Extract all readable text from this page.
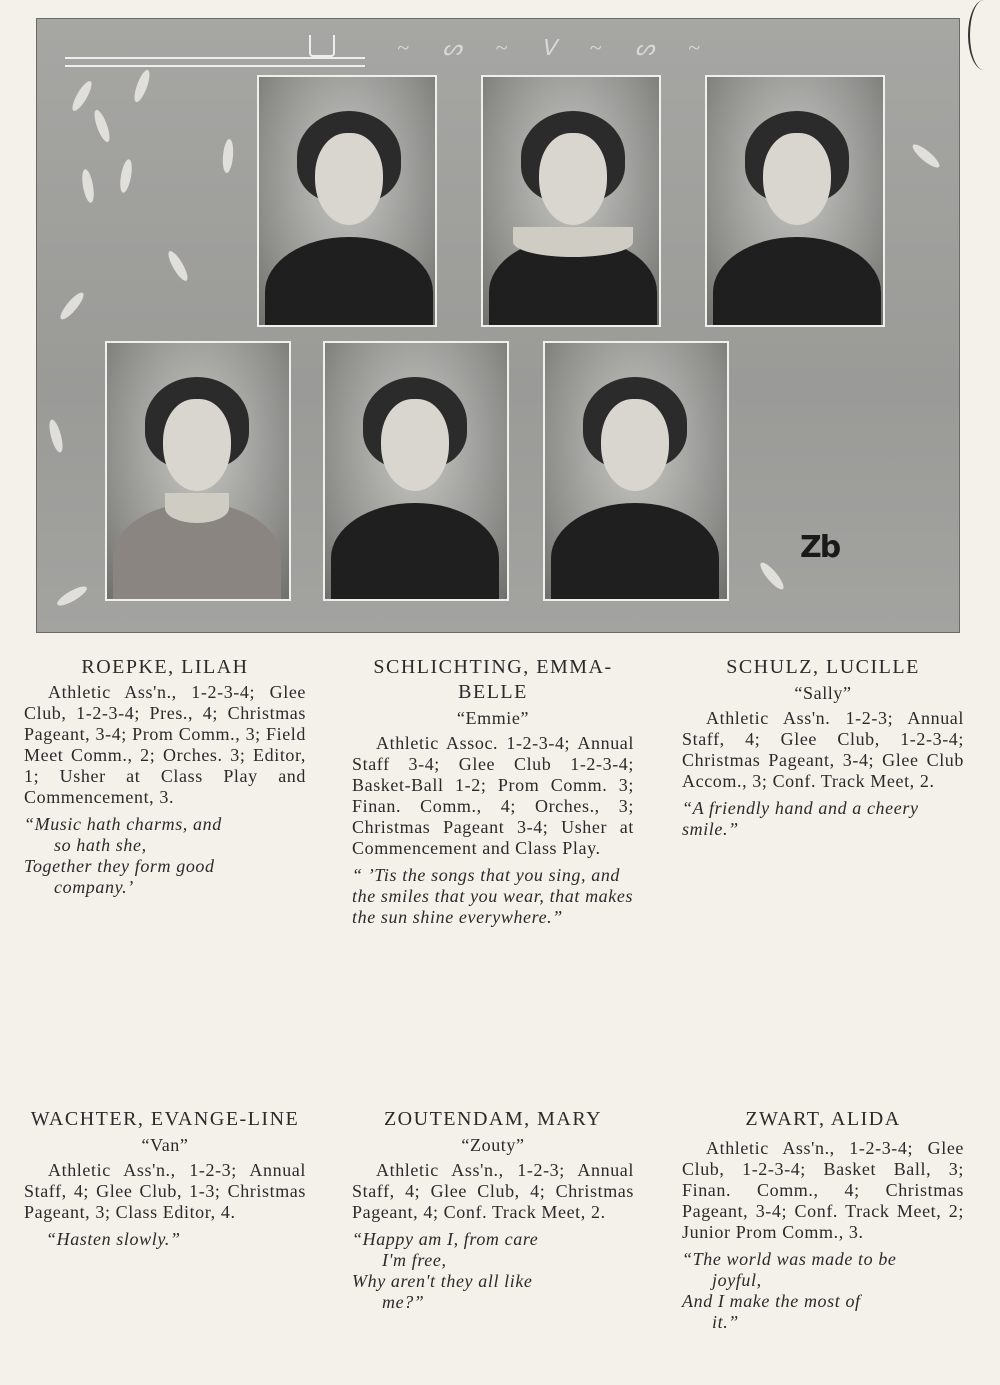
~ ᔕ ~ ᐯ ~ ᔕ ~
Zb
ROEPKE, LILAH
Athletic Ass'n., 1-2-3-4; Glee Club, 1-2-3-4; Pres., 4; Christmas Pageant, 3-4; Prom Comm., 3; Field Meet Comm., 2; Orches. 3; Editor, 1; Usher at Class Play and Commencement, 3.
“Music hath charms, and
so hath she,
Together they form good
company.’
SCHLICHTING, EMMA-BELLE
“Emmie”
Athletic Assoc. 1-2-3-4; Annual Staff 3-4; Glee Club 1-2-3-4; Basket-Ball 1-2; Prom Comm. 3; Finan. Comm., 4; Orches., 3; Christmas Pageant 3-4; Usher at Commencement and Class Play.
“ ’Tis the songs that you sing, and the smiles that you wear, that makes the sun shine everywhere.”
SCHULZ, LUCILLE
“Sally”
Athletic Ass'n. 1-2-3; Annual Staff, 4; Glee Club, 1-2-3-4; Christmas Pageant, 3-4; Glee Club Accom., 3; Conf. Track Meet, 2.
“A friendly hand and a cheery smile.”
WACHTER, EVANGE-LINE
“Van”
Athletic Ass'n., 1-2-3; Annual Staff, 4; Glee Club, 1-3; Christmas Pageant, 3; Class Editor, 4.
“Hasten slowly.”
ZOUTENDAM, MARY
“Zouty”
Athletic Ass'n., 1-2-3; Annual Staff, 4; Glee Club, 4; Christmas Pageant, 4; Conf. Track Meet, 2.
“Happy am I, from care
I'm free,
Why aren't they all like
me?”
ZWART, ALIDA
Athletic Ass'n., 1-2-3-4; Glee Club, 1-2-3-4; Basket Ball, 3; Finan. Comm., 4; Christmas Pageant, 3-4; Conf. Track Meet, 2; Junior Prom Comm., 3.
“The world was made to be
joyful,
And I make the most of
it.”
